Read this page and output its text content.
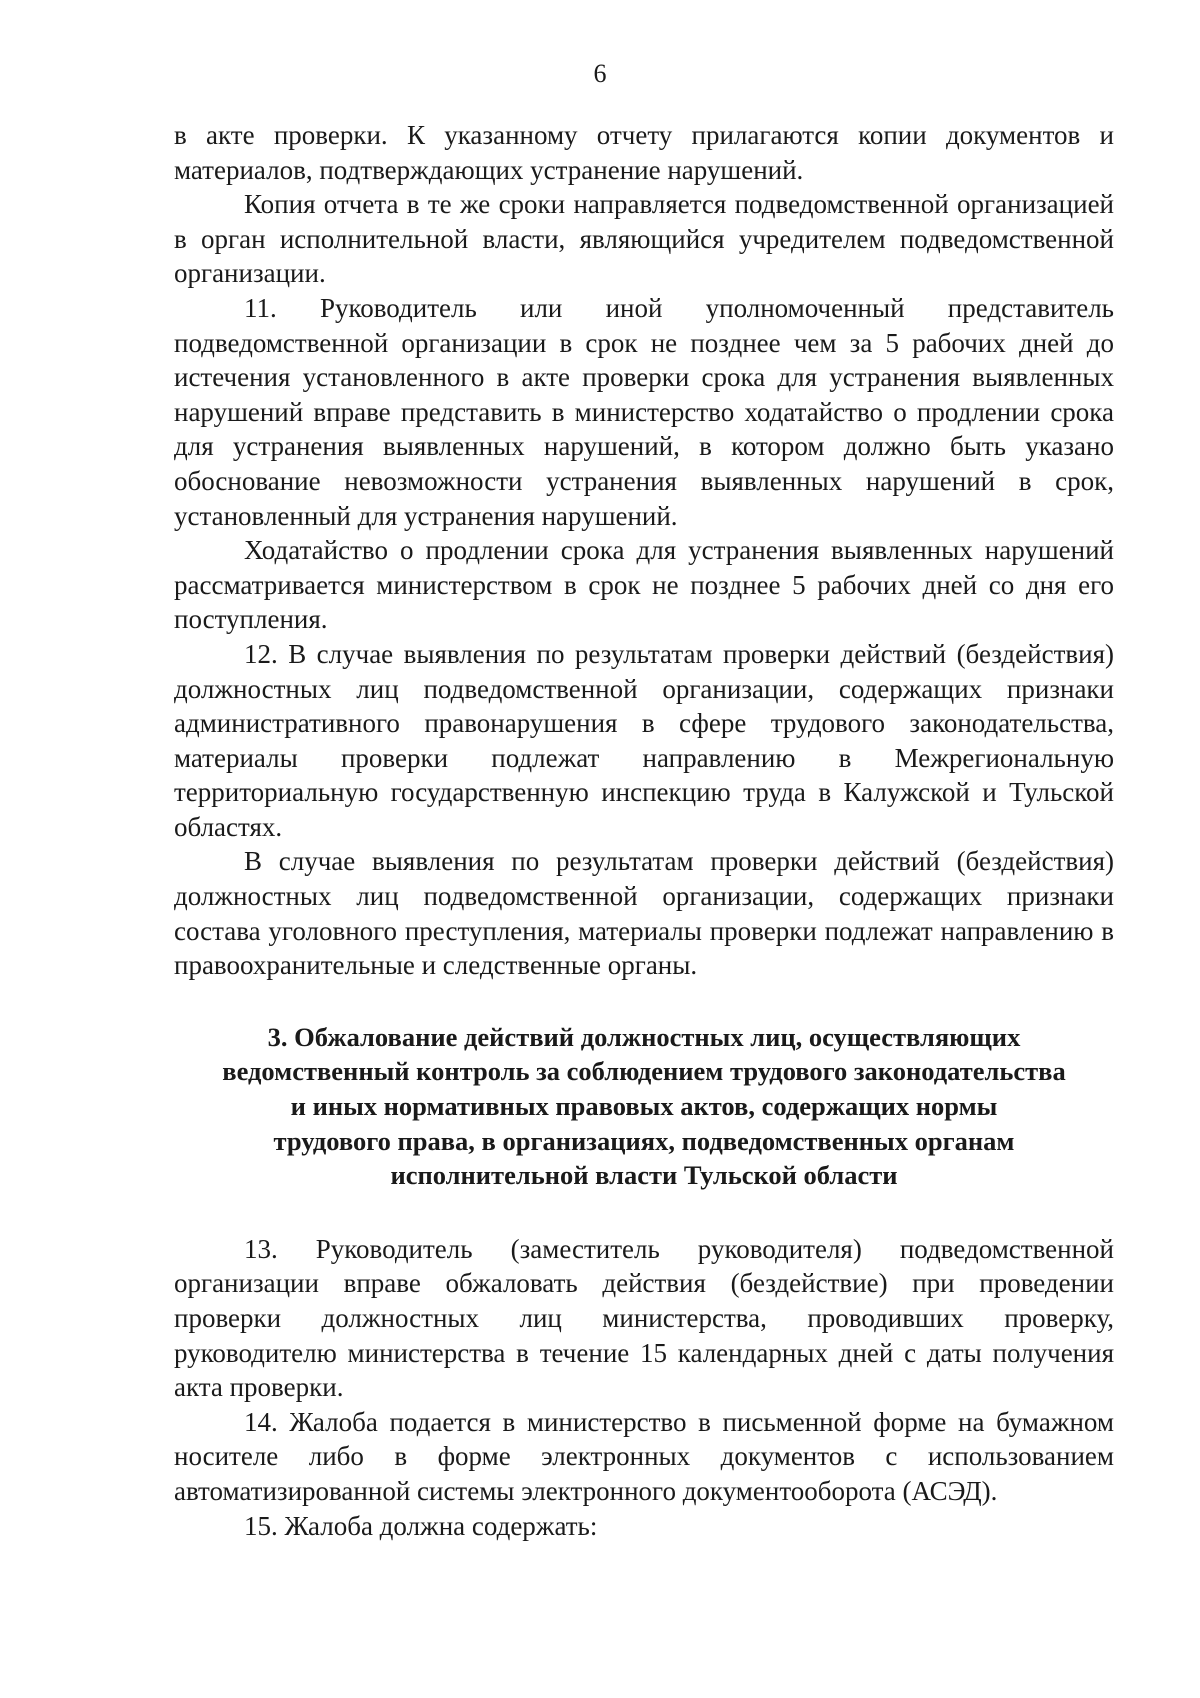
6

в акте проверки. К указанному отчету прилагаются копии документов и материалов, подтверждающих устранение нарушений.

Копия отчета в те же сроки направляется подведомственной организацией в орган исполнительной власти, являющийся учредителем подведомственной организации.

11. Руководитель или иной уполномоченный представитель подведомственной организации в срок не позднее чем за 5 рабочих дней до истечения установленного в акте проверки срока для устранения выявленных нарушений вправе представить в министерство ходатайство о продлении срока для устранения выявленных нарушений, в котором должно быть указано обоснование невозможности устранения выявленных нарушений в срок, установленный для устранения нарушений.

Ходатайство о продлении срока для устранения выявленных нарушений рассматривается министерством в срок не позднее 5 рабочих дней со дня его поступления.

12. В случае выявления по результатам проверки действий (бездействия) должностных лиц подведомственной организации, содержащих признаки административного правонарушения в сфере трудового законодательства, материалы проверки подлежат направлению в Межрегиональную территориальную государственную инспекцию труда в Калужской и Тульской областях.

В случае выявления по результатам проверки действий (бездействия) должностных лиц подведомственной организации, содержащих признаки состава уголовного преступления, материалы проверки подлежат направлению в правоохранительные и следственные органы.

3. Обжалование действий должностных лиц, осуществляющих
ведомственный контроль за соблюдением трудового законодательства
и иных нормативных правовых актов, содержащих нормы
трудового права, в организациях, подведомственных органам
исполнительной власти Тульской области

13. Руководитель (заместитель руководителя) подведомственной организации вправе обжаловать действия (бездействие) при проведении проверки должностных лиц министерства, проводивших проверку, руководителю министерства в течение 15 календарных дней с даты получения акта проверки.

14. Жалоба подается в министерство в письменной форме на бумажном носителе либо в форме электронных документов с использованием автоматизированной системы электронного документооборота (АСЭД).

15. Жалоба должна содержать:
